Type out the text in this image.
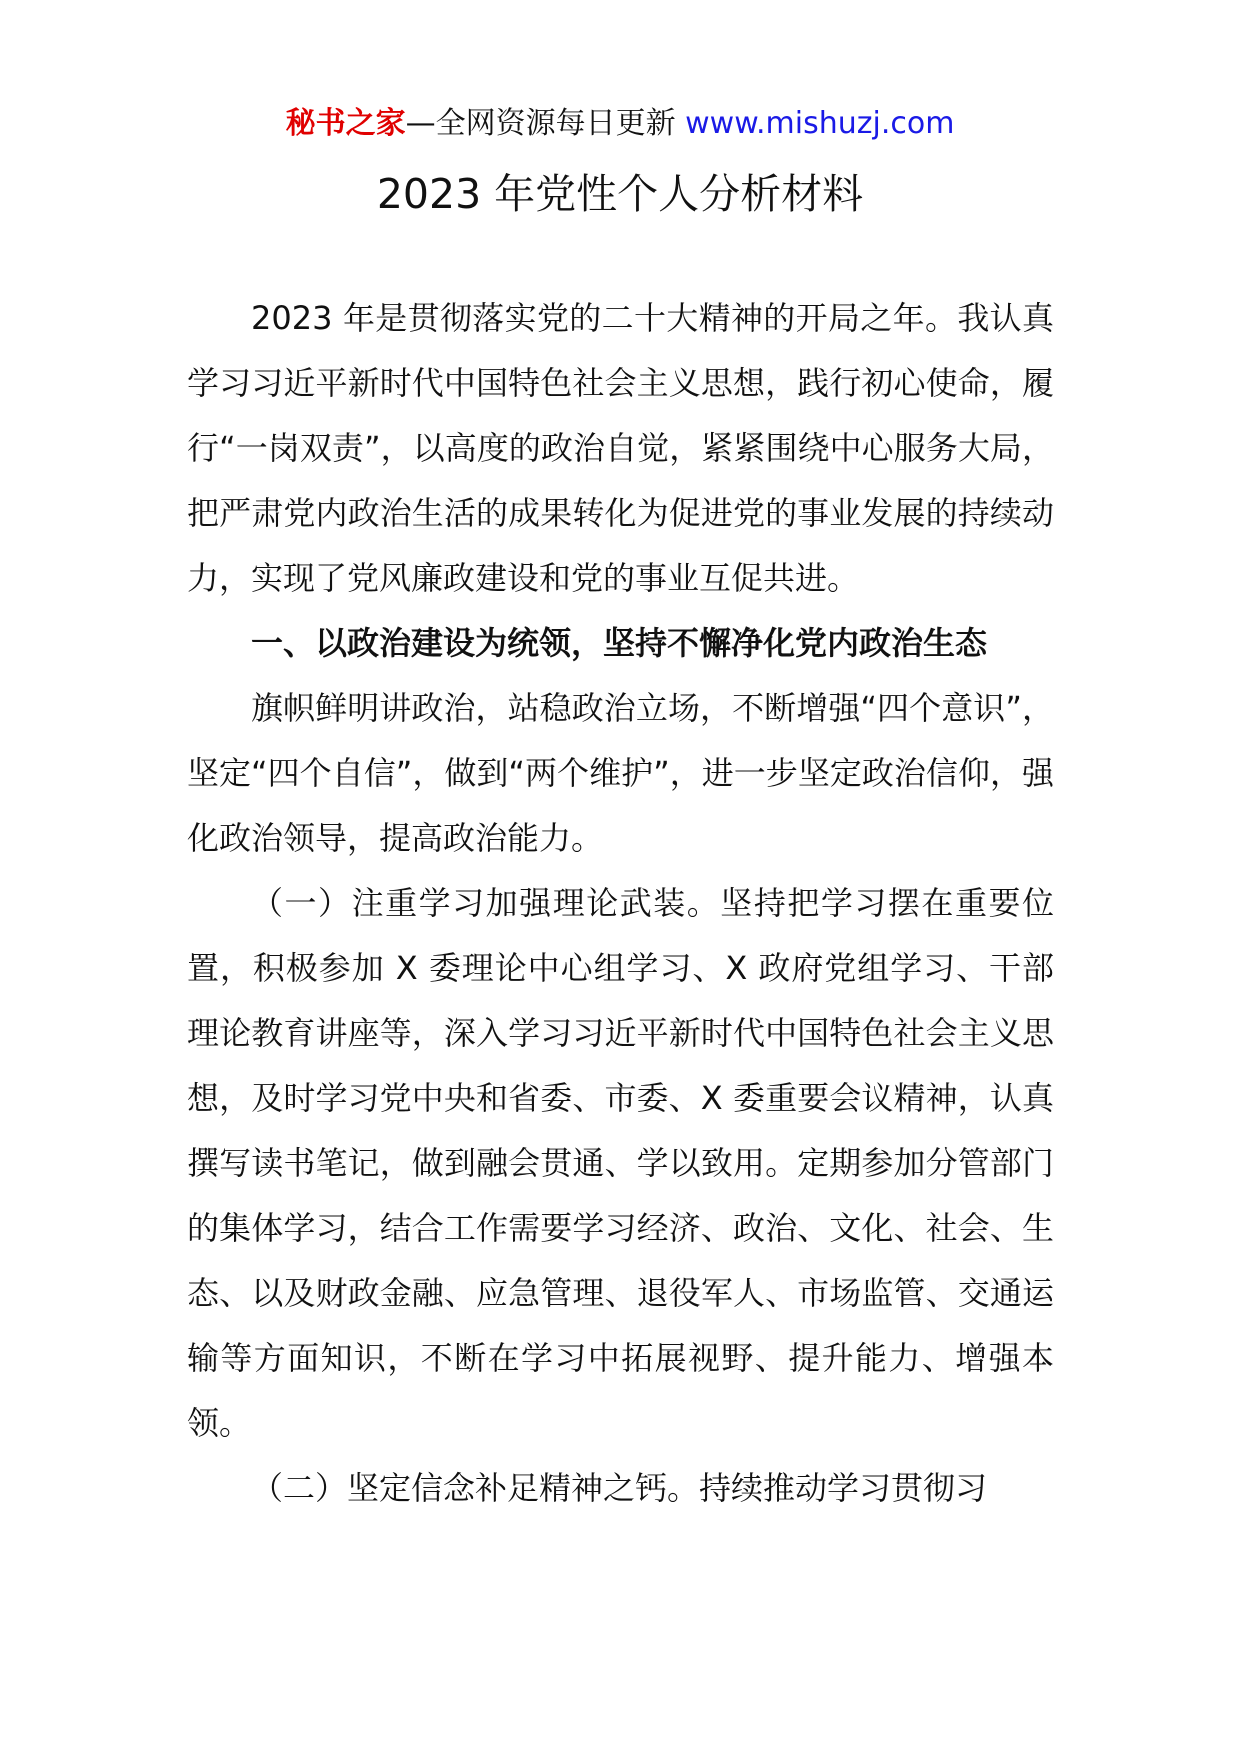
秘书之家—全网资源每日更新 www.mishuzj.com
2023 年党性个人分析材料

2023 年是贯彻落实党的二十大精神的开局之年。我认真学习习近平新时代中国特色社会主义思想，践行初心使命，履行“一岗双责”，以高度的政治自觉，紧紧围绕中心服务大局，把严肃党内政治生活的成果转化为促进党的事业发展的持续动力，实现了党风廉政建设和党的事业互促共进。

一、以政治建设为统领，坚持不懈净化党内政治生态

旗帜鲜明讲政治，站稳政治立场，不断增强“四个意识”，坚定“四个自信”，做到“两个维护”，进一步坚定政治信仰，强化政治领导，提高政治能力。

（一）注重学习加强理论武装。坚持把学习摆在重要位置，积极参加 X 委理论中心组学习、X 政府党组学习、干部理论教育讲座等，深入学习习近平新时代中国特色社会主义思想，及时学习党中央和省委、市委、X 委重要会议精神，认真撰写读书笔记，做到融会贯通、学以致用。定期参加分管部门的集体学习，结合工作需要学习经济、政治、文化、社会、生态、以及财政金融、应急管理、退役军人、市场监管、交通运输等方面知识，不断在学习中拓展视野、提升能力、增强本领。

（二）坚定信念补足精神之钙。持续推动学习贯彻习
